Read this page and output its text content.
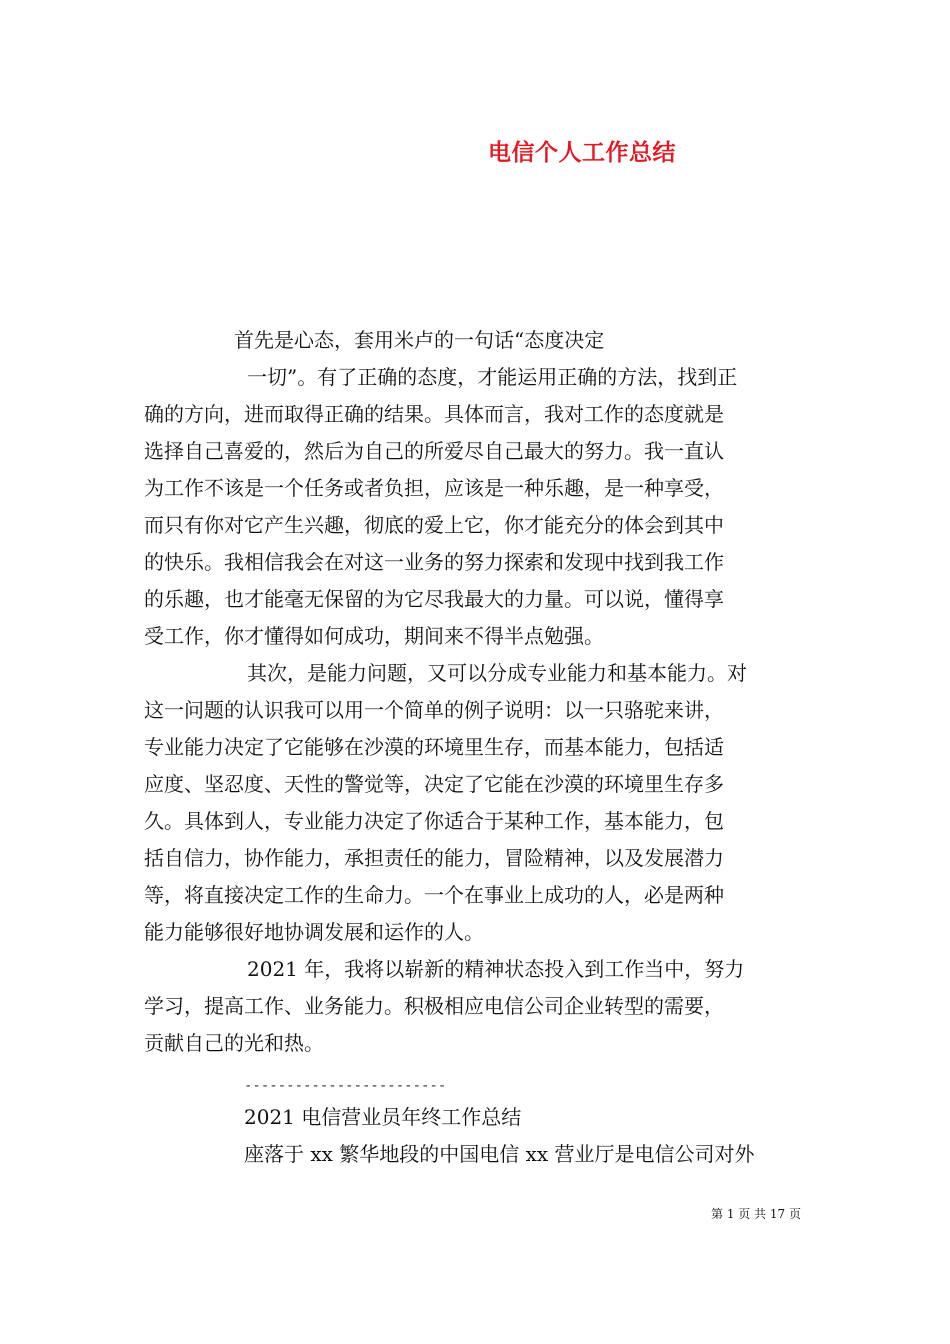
电信个人工作总结
首先是心态，套用米卢的一句话“态度决定
一切”。有了正确的态度，才能运用正确的方法，找到正
确的方向，进而取得正确的结果。具体而言，我对工作的态度就是
选择自己喜爱的，然后为自己的所爱尽自己最大的努力。我一直认
为工作不该是一个任务或者负担，应该是一种乐趣，是一种享受，
而只有你对它产生兴趣，彻底的爱上它，你才能充分的体会到其中
的快乐。我相信我会在对这一业务的努力探索和发现中找到我工作
的乐趣，也才能毫无保留的为它尽我最大的力量。可以说，懂得享
受工作，你才懂得如何成功，期间来不得半点勉强。
其次，是能力问题，又可以分成专业能力和基本能力。对
这一问题的认识我可以用一个简单的例子说明：以一只骆驼来讲，
专业能力决定了它能够在沙漠的环境里生存，而基本能力，包括适
应度、坚忍度、天性的警觉等，决定了它能在沙漠的环境里生存多
久。具体到人，专业能力决定了你适合于某种工作，基本能力，包
括自信力，协作能力，承担责任的能力，冒险精神，以及发展潜力
等，将直接决定工作的生命力。一个在事业上成功的人，必是两种
能力能够很好地协调发展和运作的人。
2021 年，我将以崭新的精神状态投入到工作当中，努力
学习，提高工作、业务能力。积极相应电信公司企业转型的需要，
贡献自己的光和热。
------------------------
2021 电信营业员年终工作总结
座落于 xx 繁华地段的中国电信 xx 营业厅是电信公司对外
第 1 页 共 17 页
